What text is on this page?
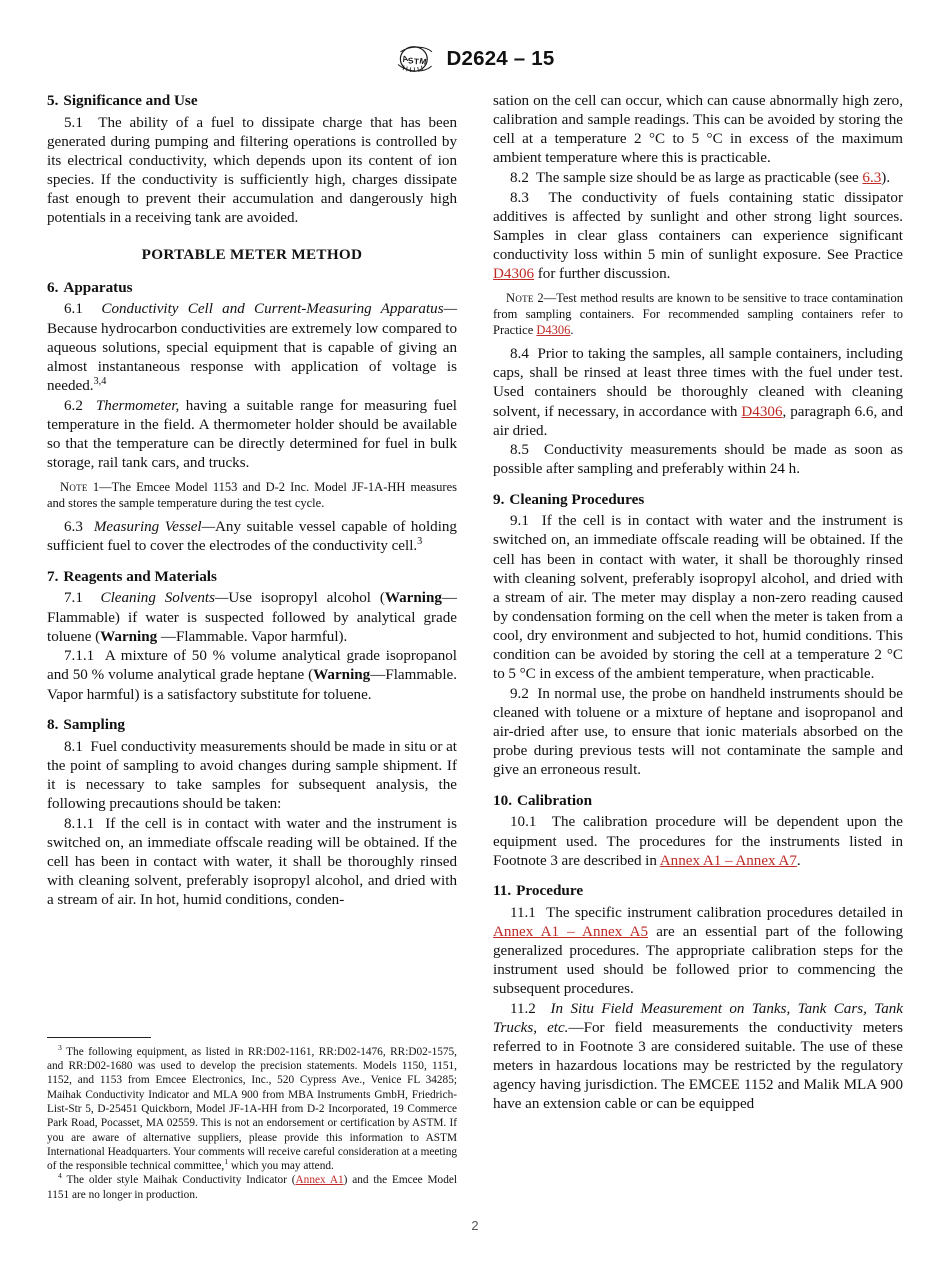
A
S T M D2624 – 15
5. Significance and Use

5.1 The ability of a fuel to dissipate charge that has been generated during pumping and filtering operations is controlled by its electrical conductivity, which depends upon its content of ion species. If the conductivity is sufficiently high, charges dissipate fast enough to prevent their accumulation and dangerously high potentials in a receiving tank are avoided.

PORTABLE METER METHOD
6. Apparatus

6.1 Conductivity Cell and Current-Measuring Apparatus—Because hydrocarbon conductivities are extremely low compared to aqueous solutions, special equipment that is capable of giving an almost instantaneous response with application of voltage is needed.$^{3,4}$

6.2 Thermometer, having a suitable range for measuring fuel temperature in the field. A thermometer holder should be available so that the temperature can be directly determined for fuel in bulk storage, rail tank cars, and trucks.

Note 1—The Emcee Model 1153 and D-2 Inc. Model JF-1A-HH measures and stores the sample temperature during the test cycle.

6.3 Measuring Vessel—Any suitable vessel capable of holding sufficient fuel to cover the electrodes of the conductivity cell.$^3$

7. Reagents and Materials

7.1 Cleaning Solvents—Use isopropyl alcohol (Warning—Flammable) if water is suspected followed by analytical grade toluene (Warning —Flammable. Vapor harmful).

7.1.1 A mixture of 50 % volume analytical grade isopropanol and 50 % volume analytical grade heptane (Warning—Flammable. Vapor harmful) is a satisfactory substitute for toluene.

8. Sampling

8.1 Fuel conductivity measurements should be made in situ or at the point of sampling to avoid changes during sample shipment. If it is necessary to take samples for subsequent analysis, the following precautions should be taken:

8.1.1 If the cell is in contact with water and the instrument is switched on, an immediate offscale reading will be obtained. If the cell has been in contact with water, it shall be thoroughly rinsed with cleaning solvent, preferably isopropyl alcohol, and dried with a stream of air. In hot, humid conditions, conden-

$^3$ The following equipment, as listed in RR:D02-1161, RR:D02-1476, RR:D02-1575, and RR:D02-1680 was used to develop the precision statements. Models 1150, 1151, 1152, and 1153 from Emcee Electronics, Inc., 520 Cypress Ave., Venice FL 34285; Maihak Conductivity Indicator and MLA 900 from MBA Instruments GmbH, Friedrich-List-Str 5, D-25451 Quickborn, Model JF-1A-HH from D-2 Incorporated, 19 Commerce Park Road, Pocasset, MA 02559. This is not an endorsement or certification by ASTM. If you are aware of alternative suppliers, please provide this information to ASTM International Headquarters. Your comments will receive careful consideration at a meeting of the responsible technical committee,$^1$ which you may attend.

$^4$ The older style Maihak Conductivity Indicator (Annex A1) and the Emcee Model 1151 are no longer in production.

sation on the cell can occur, which can cause abnormally high zero, calibration and sample readings. This can be avoided by storing the cell at a temperature 2 °C to 5 °C in excess of the maximum ambient temperature where this is practicable.

8.2 The sample size should be as large as practicable (see 6.3).

8.3 The conductivity of fuels containing static dissipator additives is affected by sunlight and other strong light sources. Samples in clear glass containers can experience significant conductivity loss within 5 min of sunlight exposure. See Practice D4306 for further discussion.

Note 2—Test method results are known to be sensitive to trace contamination from sampling containers. For recommended sampling containers refer to Practice D4306.

8.4 Prior to taking the samples, all sample containers, including caps, shall be rinsed at least three times with the fuel under test. Used containers should be thoroughly cleaned with cleaning solvent, if necessary, in accordance with D4306, paragraph 6.6, and air dried.

8.5 Conductivity measurements should be made as soon as possible after sampling and preferably within 24 h.

9. Cleaning Procedures

9.1 If the cell is in contact with water and the instrument is switched on, an immediate offscale reading will be obtained. If the cell has been in contact with water, it shall be thoroughly rinsed with cleaning solvent, preferably isopropyl alcohol, and dried with a stream of air. The meter may display a non-zero reading caused by condensation forming on the cell when the meter is taken from a cool, dry environment and subjected to hot, humid conditions. This condition can be avoided by storing the cell at a temperature 2 °C to 5 °C in excess of the ambient temperature, when practicable.

9.2 In normal use, the probe on handheld instruments should be cleaned with toluene or a mixture of heptane and isopropanol and air-dried after use, to ensure that ionic materials absorbed on the probe during previous tests will not contaminate the sample and give an erroneous result.

10. Calibration

10.1 The calibration procedure will be dependent upon the equipment used. The procedures for the instruments listed in Footnote 3 are described in Annex A1 – Annex A7.

11. Procedure

11.1 The specific instrument calibration procedures detailed in Annex A1 – Annex A5 are an essential part of the following generalized procedures. The appropriate calibration steps for the instrument used should be followed prior to commencing the subsequent procedures.

11.2 In Situ Field Measurement on Tanks, Tank Cars, Tank Trucks, etc.—For field measurements the conductivity meters referred to in Footnote 3 are considered suitable. The use of these meters in hazardous locations may be restricted by the regulatory agency having jurisdiction. The EMCEE 1152 and Malik MLA 900 have an extension cable or can be equipped

2
